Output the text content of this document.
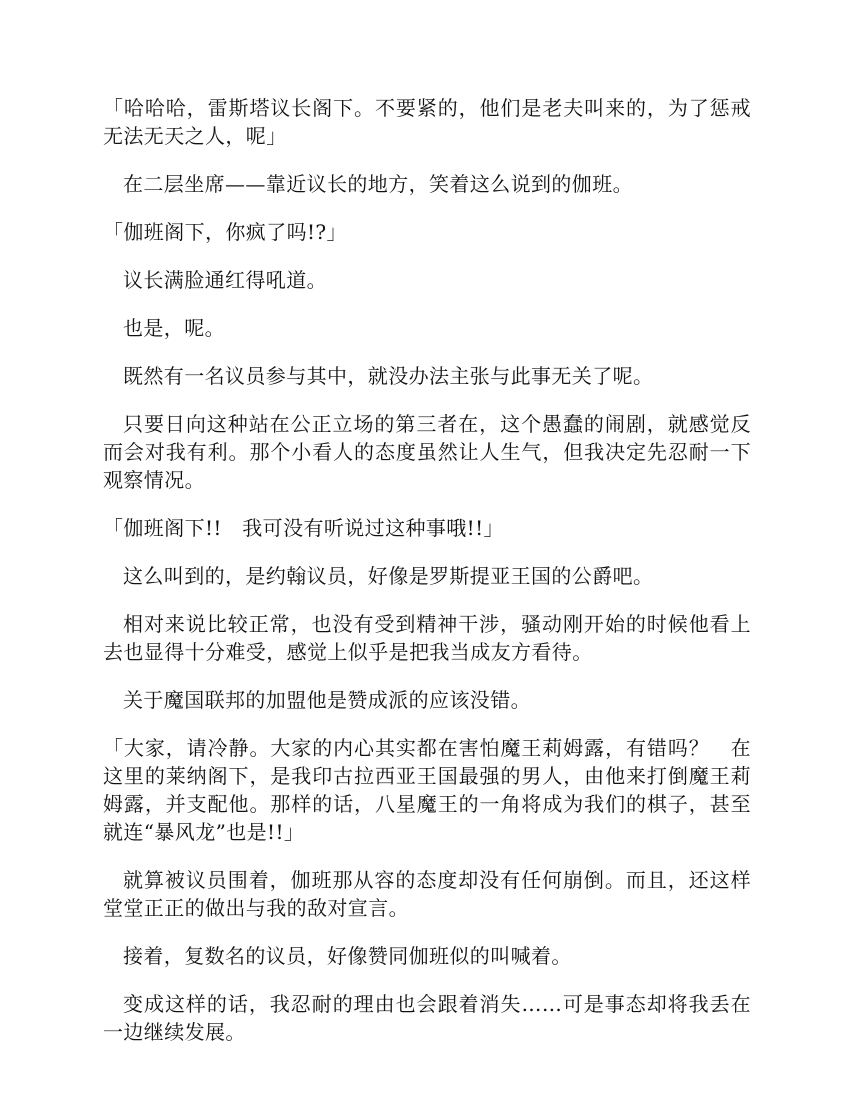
「哈哈哈，雷斯塔议长阁下。不要紧的，他们是老夫叫来的，为了惩戒无法无天之人，呢」

在二层坐席——靠近议长的地方，笑着这么说到的伽班。

「伽班阁下，你疯了吗!?」

议长满脸通红得吼道。

也是，呢。

既然有一名议员参与其中，就没办法主张与此事无关了呢。

只要日向这种站在公正立场的第三者在，这个愚蠢的闹剧，就感觉反而会对我有利。那个小看人的态度虽然让人生气，但我决定先忍耐一下观察情况。

「伽班阁下!!　我可没有听说过这种事哦!!」

这么叫到的，是约翰议员，好像是罗斯提亚王国的公爵吧。

相对来说比较正常，也没有受到精神干涉，骚动刚开始的时候他看上去也显得十分难受，感觉上似乎是把我当成友方看待。

关于魔国联邦的加盟他是赞成派的应该没错。

「大家，请冷静。大家的内心其实都在害怕魔王莉姆露，有错吗？　在这里的莱纳阁下，是我印古拉西亚王国最强的男人，由他来打倒魔王莉姆露，并支配他。那样的话，八星魔王的一角将成为我们的棋子，甚至就连“暴风龙”也是!!」

就算被议员围着，伽班那从容的态度却没有任何崩倒。而且，还这样堂堂正正的做出与我的敌对宣言。

接着，复数名的议员，好像赞同伽班似的叫喊着。

变成这样的话，我忍耐的理由也会跟着消失……可是事态却将我丢在一边继续发展。
